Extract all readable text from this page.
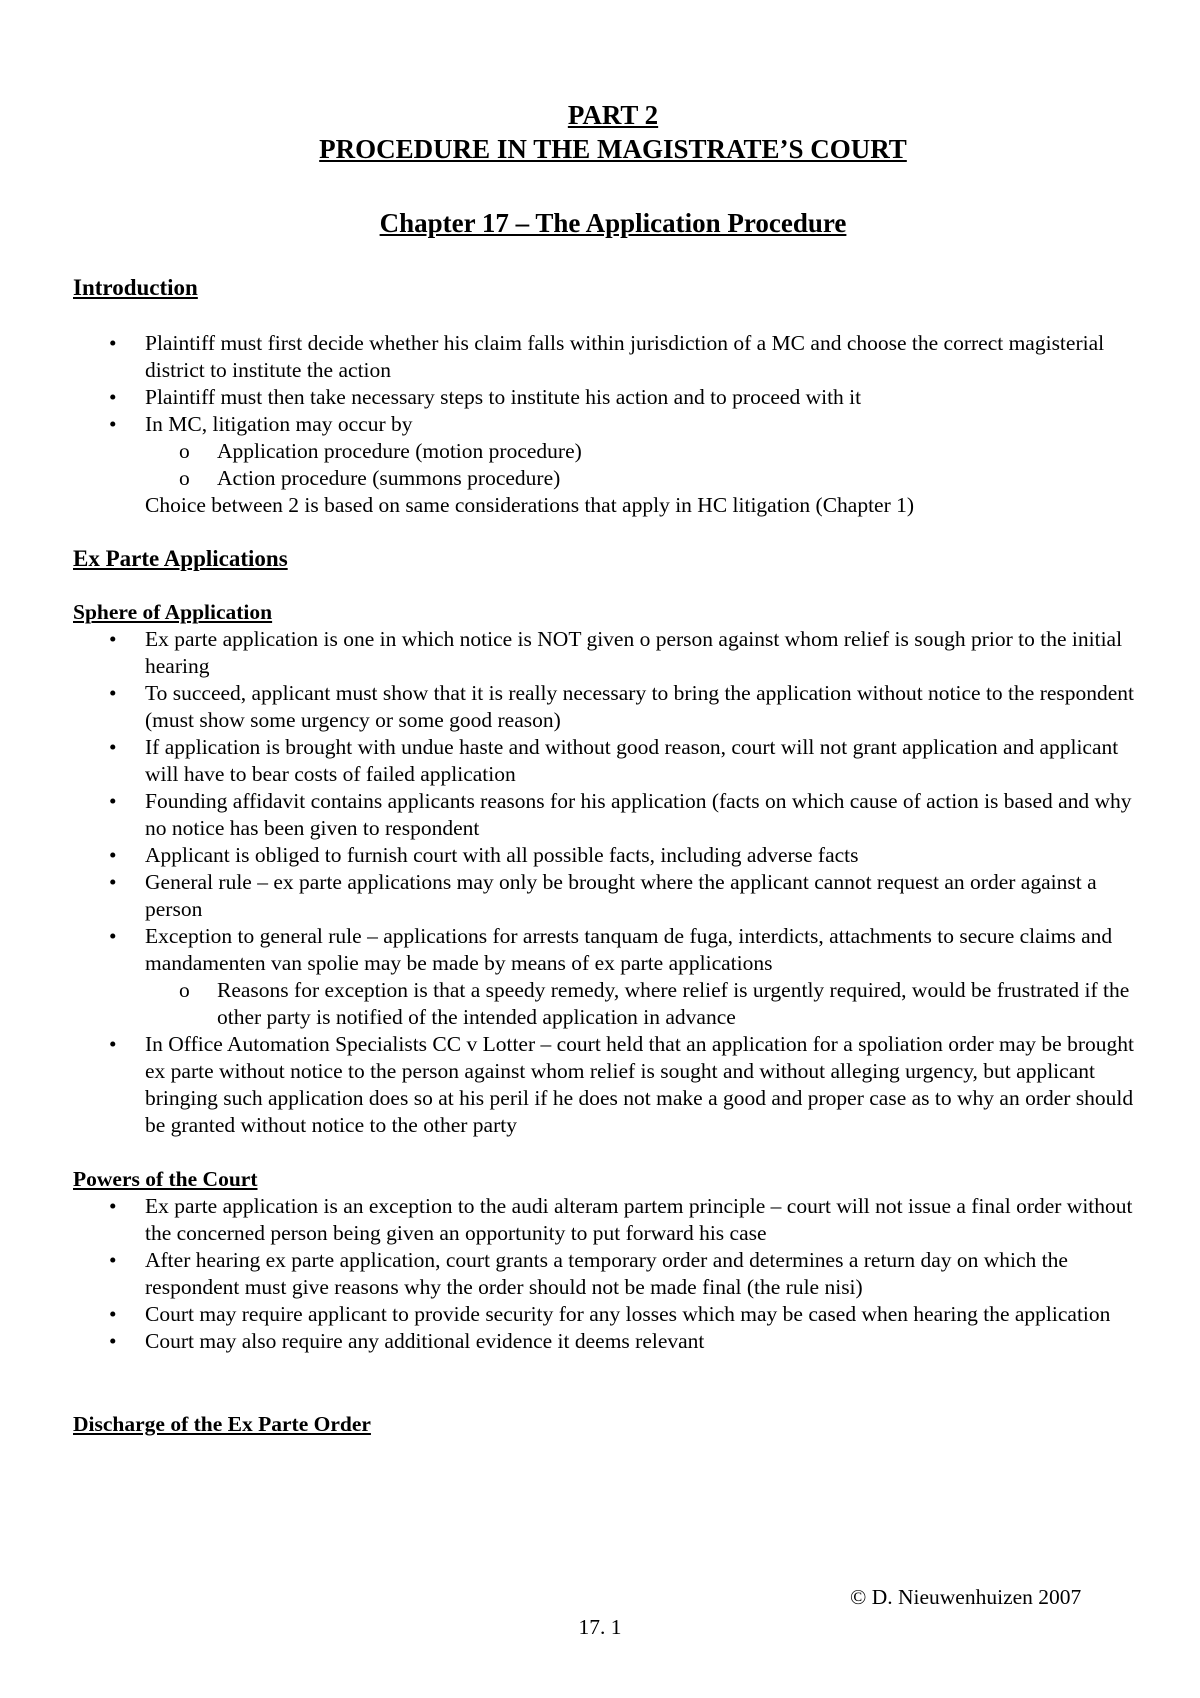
PART 2
PROCEDURE IN THE MAGISTRATE’S COURT
Chapter 17 – The Application Procedure
Introduction
•	Plaintiff must first decide whether his claim falls within jurisdiction of a MC and choose the correct magisterial district to institute the action
•	Plaintiff must then take necessary steps to institute his action and to proceed with it
•	In MC, litigation may occur by
o Application procedure (motion procedure)
o Action procedure (summons procedure)
Choice between 2 is based on same considerations that apply in HC litigation (Chapter 1)
Ex Parte Applications
Sphere of Application
•	Ex parte application is one in which notice is NOT given o person against whom relief is sough prior to the initial hearing
•	To succeed, applicant must show that it is really necessary to bring the application without notice to the respondent (must show some urgency or some good reason)
•	If application is brought with undue haste and without good reason, court will not grant application and applicant will have to bear costs of failed application
•	Founding affidavit contains applicants reasons for his application (facts on which cause of action is based and why no notice has been given to respondent
•	Applicant is obliged to furnish court with all possible facts, including adverse facts
•	General rule – ex parte applications may only be brought where the applicant cannot request an order against a person
•	Exception to general rule – applications for arrests tanquam de fuga, interdicts, attachments to secure claims and mandamenten van spolie may be made by means of ex parte applications
o Reasons for exception is that a speedy remedy, where relief is urgently required, would be frustrated if the other party is notified of the intended application in advance
•	In Office Automation Specialists CC v Lotter – court held that an application for a spoliation order may be brought ex parte without notice to the person against whom relief is sought and without alleging urgency, but applicant bringing such application does so at his peril if he does not make a good and proper case as to why an order should be granted without notice to the other party
Powers of the Court
•	Ex parte application is an exception to the audi alteram partem principle – court will not issue a final order without the concerned person being given an opportunity to put forward his case
•	After hearing ex parte application, court grants a temporary order and determines a return day on which the respondent must give reasons why the order should not be made final (the rule nisi)
•	Court may require applicant to provide security for any losses which may be cased when hearing the application
•	Court may also require any additional evidence it deems relevant
Discharge of the Ex Parte Order
© D. Nieuwenhuizen 2007
17. 1
